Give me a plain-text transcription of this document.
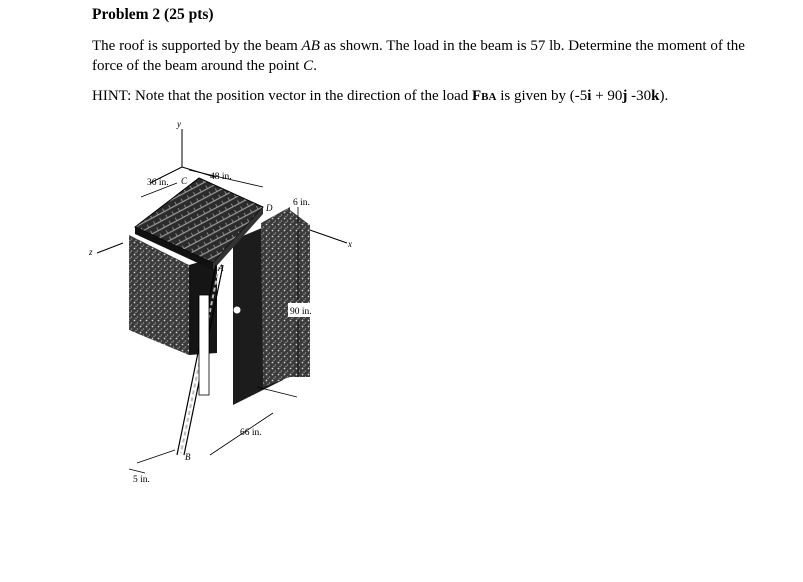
Problem 2 (25 pts)
The roof is supported by the beam AB as shown. The load in the beam is 57 lb. Determine the moment of the force of the beam around the point C.
HINT: Note that the position vector in the direction of the load FBA is given by (-5i + 90j -30k).
y
x
z
C
D
A
B
36 in.
48 in.
6 in.
90 in.
66 in.
5 in.
